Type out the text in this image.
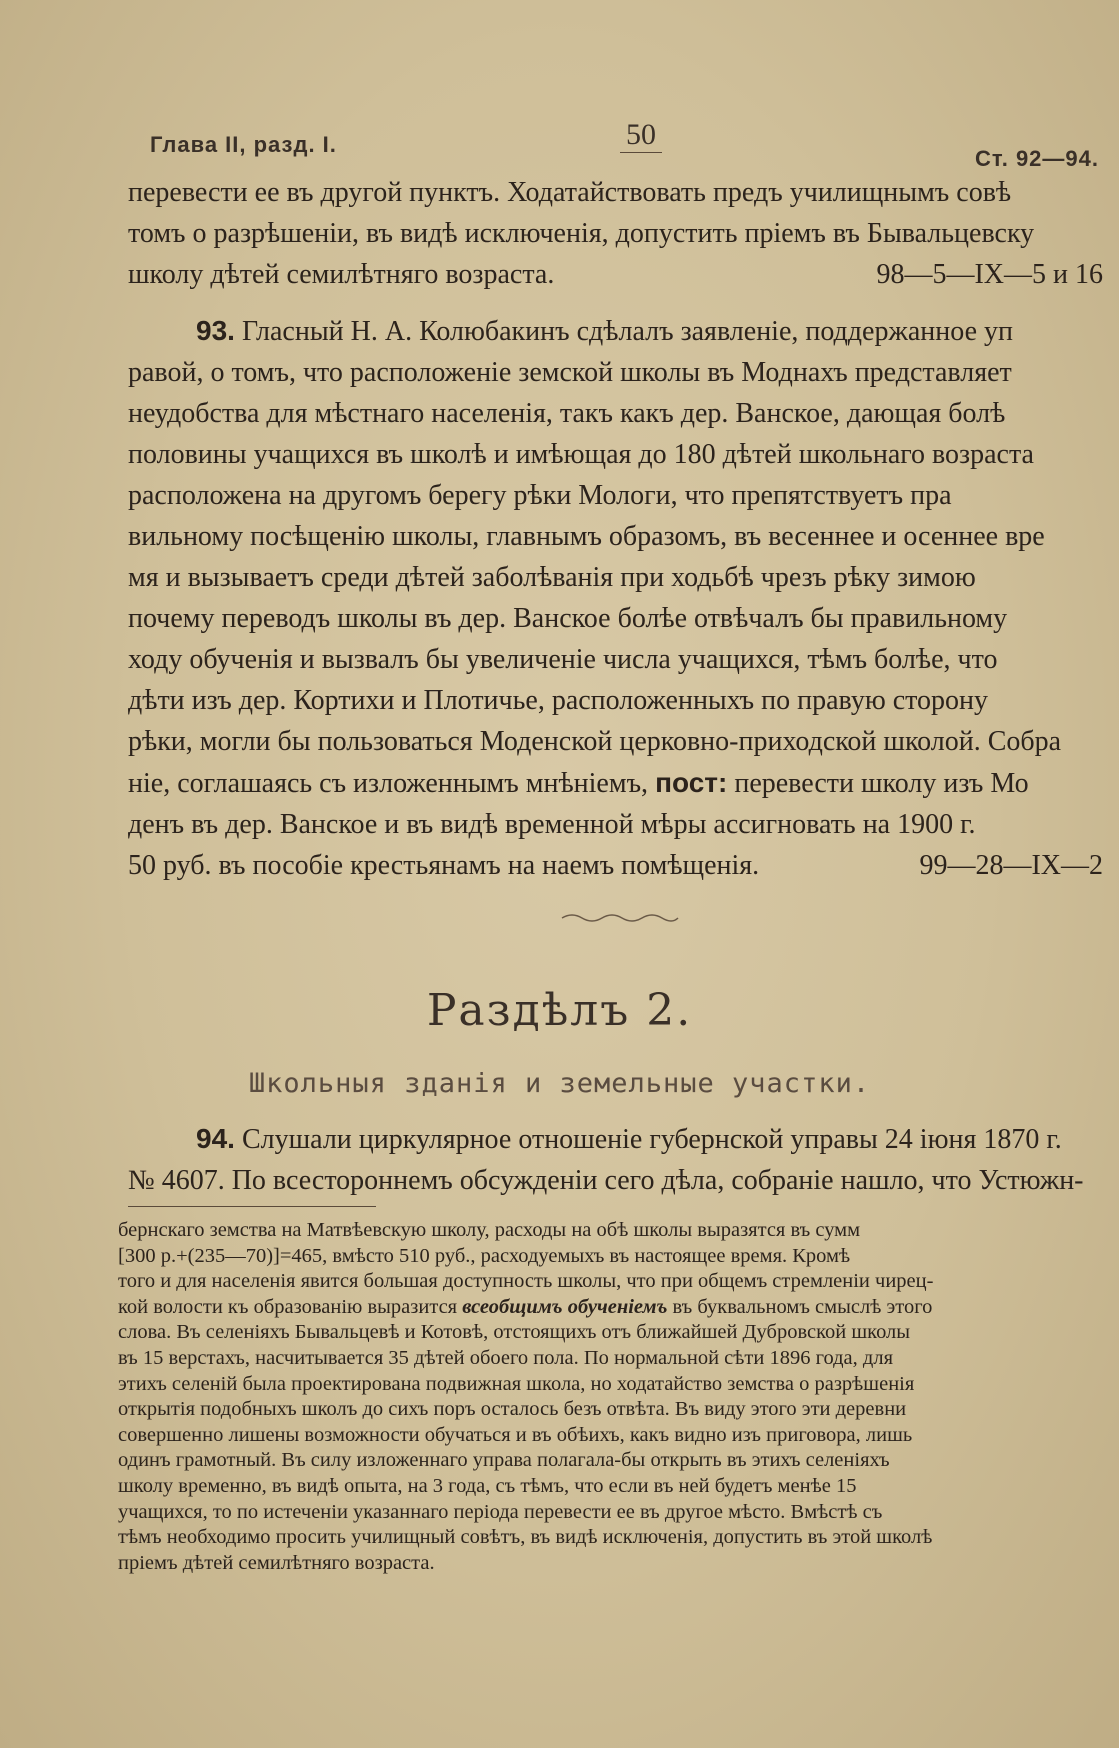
Глава II, разд. I.	50
Ст. 92—94.
перевести ее въ другой пунктъ. Ходатайствовать предъ училищнымъ совѣ
томъ о разрѣшеніи, въ видѣ исключенія, допустить пріемъ въ Бывальцевску
школу дѣтей семилѣтняго возраста.	98—5—IX—5 и 16
93. Гласный Н. А. Колюбакинъ сдѣлалъ заявленіе, поддержанное уп
равой, о томъ, что расположеніе земской школы въ Моднахъ представляет
неудобства для мѣстнаго населенія, такъ какъ дер. Ванское, дающая болѣ
половины учащихся въ школѣ и имѣющая до 180 дѣтей школьнаго возраста
расположена на другомъ берегу рѣки Мологи, что препятствуетъ пра
вильному посѣщенію школы, главнымъ образомъ, въ весеннее и осеннее вре
мя и вызываетъ среди дѣтей заболѣванія при ходьбѣ чрезъ рѣку зимою
почему переводъ школы въ дер. Ванское болѣе отвѣчалъ бы правильному
ходу обученія и вызвалъ бы увеличеніе числа учащихся, тѣмъ болѣе, что
дѣти изъ дер. Кортихи и Плотичье, расположенныхъ по правую сторону
рѣки, могли бы пользоваться Моденской церковно-приходской школой. Собра
ніе, соглашаясь съ изложеннымъ мнѣніемъ, пост: перевести школу изъ Мо
денъ въ дер. Ванское и въ видѣ временной мѣры ассигновать на 1900 г.
50 руб. въ пособіе крестьянамъ на наемъ помѣщенія.	99—28—IX—2
Раздѣлъ 2.
Школьныя зданія и земельные участки.
94. Слушали циркулярное отношеніе губернской управы 24 іюня 1870 г.
№ 4607. По всестороннемъ обсужденіи сего дѣла, собраніе нашло, что Устюжн-
бернскаго земства на Матвѣевскую школу, расходы на обѣ школы выразятся въ сумм
[300 р.+(235—70)]=465, вмѣсто 510 руб., расходуемыхъ въ настоящее время. Кромѣ
того и для населенія явится большая доступность школы, что при общемъ стремленіи чирец-
кой волости къ образованію выразится всеобщимъ обученіемъ въ буквальномъ смыслѣ этого
слова. Въ селеніяхъ Бывальцевѣ и Котовѣ, отстоящихъ отъ ближайшей Дубровской школы
въ 15 верстахъ, насчитывается 35 дѣтей обоего пола. По нормальной сѣти 1896 года, для
этихъ селеній была проектирована подвижная школа, но ходатайство земства о разрѣшенія
открытія подобныхъ школъ до сихъ поръ осталось безъ отвѣта. Въ виду этого эти деревни
совершенно лишены возможности обучаться и въ обѣихъ, какъ видно изъ приговора, лишь
одинъ грамотный. Въ силу изложеннаго управа полагала-бы открыть въ этихъ селеніяхъ
школу временно, въ видѣ опыта, на 3 года, съ тѣмъ, что если въ ней будетъ менѣе 15
учащихся, то по истеченіи указаннаго періода перевести ее въ другое мѣсто. Вмѣстѣ съ
тѣмъ необходимо просить училищный совѣтъ, въ видѣ исключенія, допустить въ этой школѣ
пріемъ дѣтей семилѣтняго возраста.
